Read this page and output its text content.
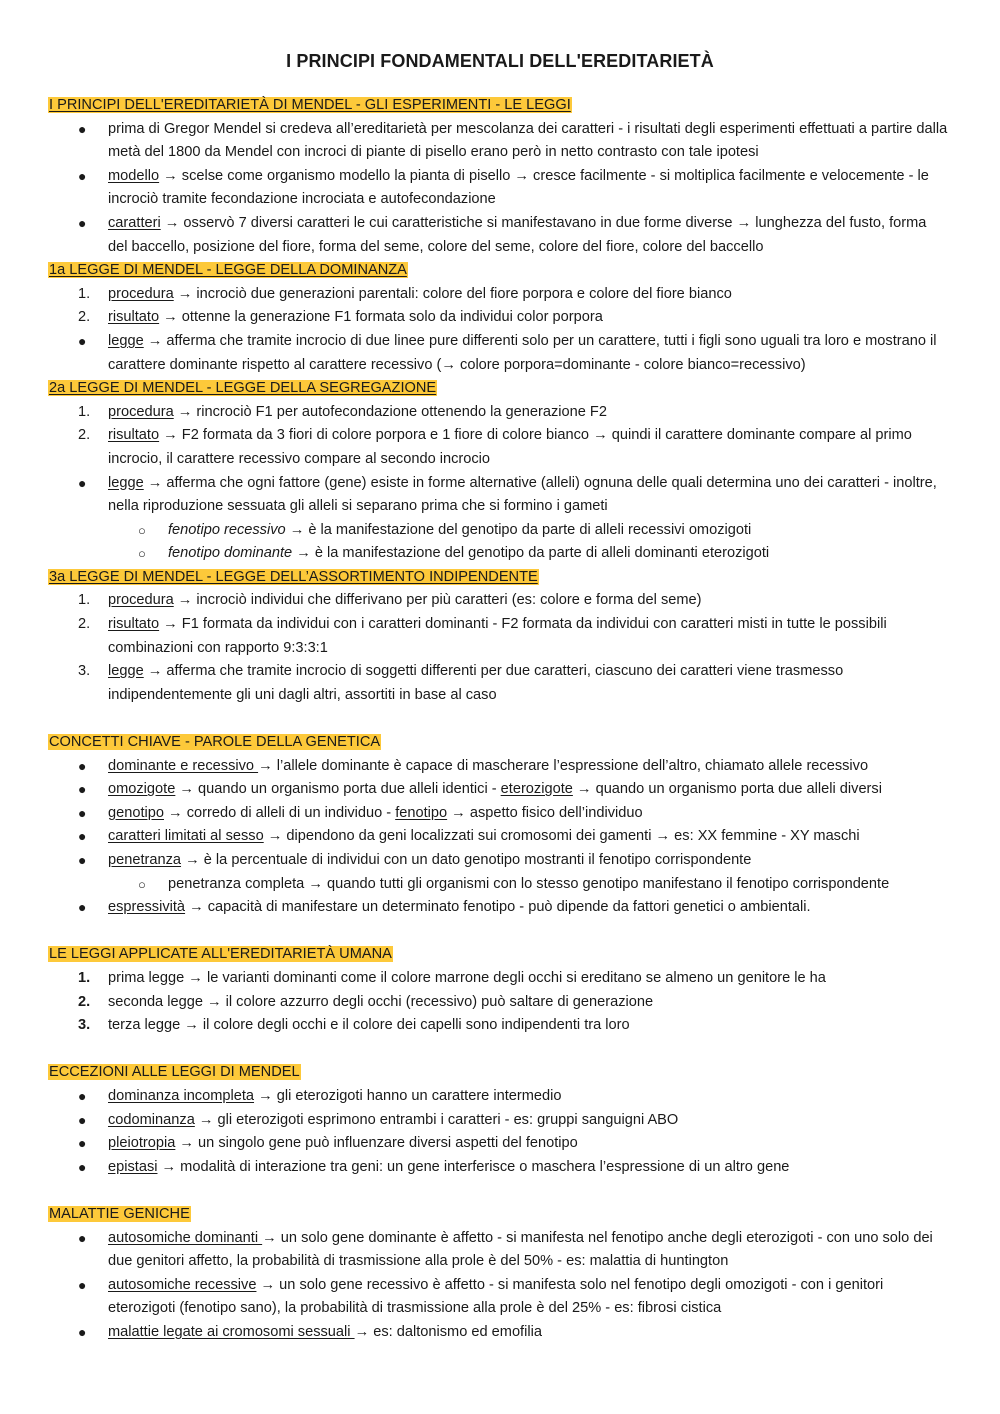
I PRINCIPI FONDAMENTALI DELL'EREDITARIETÀ
I PRINCIPI DELL'EREDITARIETÀ DI MENDEL - GLI ESPERIMENTI - LE LEGGI
●	prima di Gregor Mendel si credeva all’ereditarietà per mescolanza dei caratteri - i risultati degli esperimenti effettuati a partire dalla metà del 1800 da Mendel con incroci di piante di pisello erano però in netto contrasto con tale ipotesi
●	modello → scelse come organismo modello la pianta di pisello → cresce facilmente - si moltiplica facilmente e velocemente - le incrociò tramite fecondazione incrociata e autofecondazione
●	caratteri → osservò 7 diversi caratteri le cui caratteristiche si manifestavano in due forme diverse → lunghezza del fusto, forma del baccello, posizione del fiore, forma del seme, colore del seme, colore del fiore, colore del baccello
1a LEGGE DI MENDEL - LEGGE DELLA DOMINANZA
1.	procedura → incrociò due generazioni parentali: colore del fiore porpora e colore del fiore bianco
2.	risultato → ottenne la generazione F1 formata solo da individui color porpora
●	legge → afferma che tramite incrocio di due linee pure differenti solo per un carattere, tutti i figli sono uguali tra loro e mostrano il carattere dominante rispetto al carattere recessivo (→ colore porpora=dominante - colore bianco=recessivo)
2a LEGGE DI MENDEL - LEGGE DELLA SEGREGAZIONE
1.	procedura → rincrociò F1 per autofecondazione ottenendo la generazione F2
2.	risultato → F2 formata da 3 fiori di colore porpora e 1 fiore di colore bianco → quindi il carattere dominante compare al primo incrocio, il carattere recessivo compare al secondo incrocio
●	legge → afferma che ogni fattore (gene) esiste in forme alternative (alleli) ognuna delle quali determina uno dei caratteri - inoltre, nella riproduzione sessuata gli alleli si separano prima che si formino i gameti
○	fenotipo recessivo → è la manifestazione del genotipo da parte di alleli recessivi omozigoti
○	fenotipo dominante → è la manifestazione del genotipo da parte di alleli dominanti eterozigoti
3a LEGGE DI MENDEL - LEGGE DELL’ASSORTIMENTO INDIPENDENTE
1.	procedura → incrociò individui che differivano per più caratteri (es: colore e forma del seme)
2.	risultato → F1 formata da individui con i caratteri dominanti - F2 formata da individui con caratteri misti in tutte le possibili combinazioni con rapporto 9:3:3:1
3.	legge → afferma che tramite incrocio di soggetti differenti per due caratteri, ciascuno dei caratteri viene trasmesso indipendentemente gli uni dagli altri, assortiti in base al caso
CONCETTI CHIAVE - PAROLE DELLA GENETICA
●	dominante e recessivo → l’allele dominante è capace di mascherare l’espressione dell’altro, chiamato allele recessivo
●	omozigote → quando un organismo porta due alleli identici - eterozigote → quando un organismo porta due alleli diversi
●	genotipo → corredo di alleli di un individuo - fenotipo → aspetto fisico dell’individuo
●	caratteri limitati al sesso → dipendono da geni localizzati sui cromosomi dei gamenti → es: XX femmine - XY maschi
●	penetranza → è la percentuale di individui con un dato genotipo mostranti il fenotipo corrispondente
○	penetranza completa → quando tutti gli organismi con lo stesso genotipo manifestano il fenotipo corrispondente
●	espressività → capacità di manifestare un determinato fenotipo - può dipende da fattori genetici o ambientali.
LE LEGGI APPLICATE ALL'EREDITARIETÀ UMANA
1.	prima legge → le varianti dominanti come il colore marrone degli occhi si ereditano se almeno un genitore le ha
2.	seconda legge → il colore azzurro degli occhi (recessivo) può saltare di generazione
3.	terza legge → il colore degli occhi e il colore dei capelli sono indipendenti tra loro
ECCEZIONI ALLE LEGGI DI MENDEL
●	dominanza incompleta → gli eterozigoti hanno un carattere intermedio
●	codominanza → gli eterozigoti esprimono entrambi i caratteri - es: gruppi sanguigni ABO
●	pleiotropia → un singolo gene può influenzare diversi aspetti del fenotipo
●	epistasi → modalità di interazione tra geni: un gene interferisce o maschera l’espressione di un altro gene
MALATTIE GENICHE
●	autosomiche dominanti → un solo gene dominante è affetto - si manifesta nel fenotipo anche degli eterozigoti - con uno solo dei due genitori affetto, la probabilità di trasmissione alla prole è del 50% - es: malattia di huntington
●	autosomiche recessive → un solo gene recessivo è affetto - si manifesta solo nel fenotipo degli omozigoti - con i genitori eterozigoti (fenotipo sano), la probabilità di trasmissione alla prole è del 25% - es: fibrosi cistica
●	malattie legate ai cromosomi sessuali → es: daltonismo ed emofilia
